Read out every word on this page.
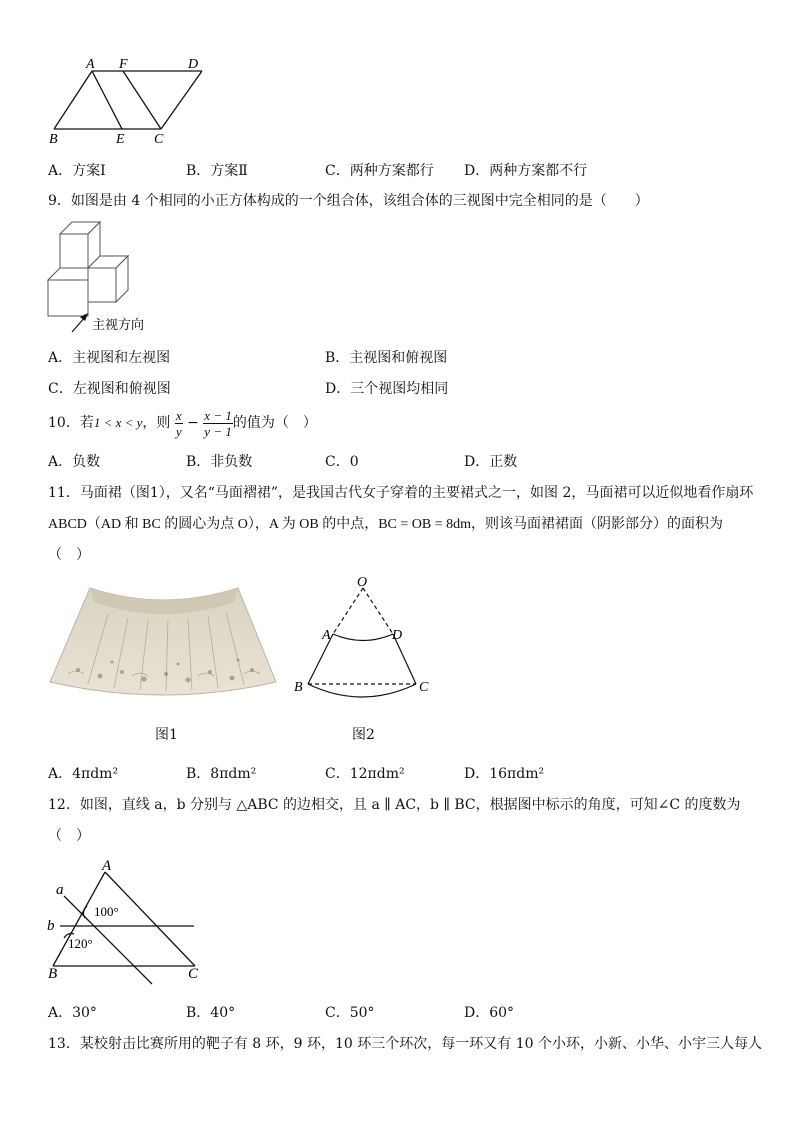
A F	D
B	E C
A．方案Ⅰ	B．方案Ⅱ	C．两种方案都行 D．两种方案都不行
9．如图是由 4 个相同的小正方体构成的一个组合体，该组合体的三视图中完全相同的是（　　）
主视方向
A．主视图和左视图	B．主视图和俯视图
C．左视图和俯视图	D．三个视图均相同
10．若1 < x < y，则 $\frac{x}{y} - \frac{x - 1}{y - 1}$ 的值为（　）
A．负数	B．非负数	C．0	D．正数
11．马面裙（图1），又名“马面褶裙”，是我国古代女子穿着的主要裙式之一，如图 2，马面裙可以近似地看作扇环
ABCD（AD 和 BC 的圆心为点 O），A 为 OB 的中点，BC = OB = 8dm，则该马面裙裙面（阴影部分）的面积为
（　）
图1
O
A	D
B	C
图2
A．4πdm²	B．8πdm²	C．12πdm²	D．16πdm²
12．如图，直线 a，b 分别与 △ABC 的边相交，且 a ∥ AC，b ∥ BC，根据图中标示的角度，可知∠C 的度数为
（　）
A
a
b
B	C
100°
120°
A．30°	B．40°	C．50°	D．60°
13．某校射击比赛所用的靶子有 8 环，9 环，10 环三个环次，每一环又有 10 个小环，小新、小华、小宇三人每人
